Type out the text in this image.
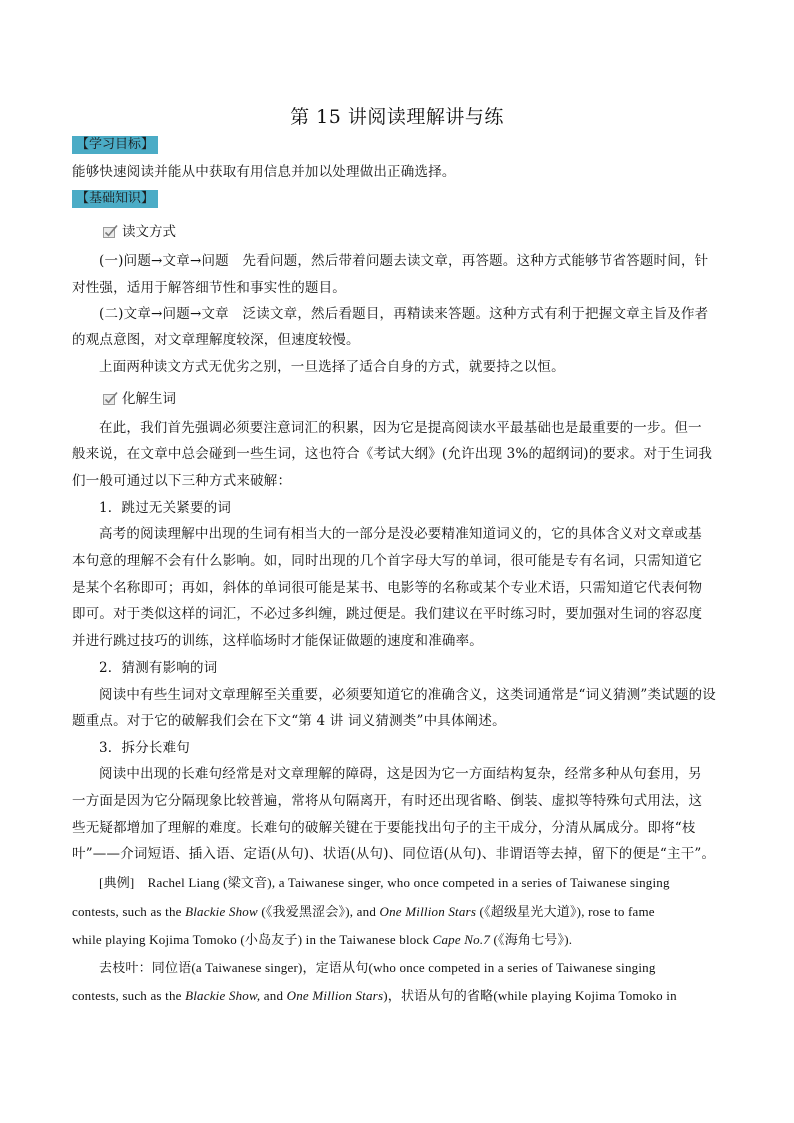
第 15 讲阅读理解讲与练
【学习目标】
能够快速阅读并能从中获取有用信息并加以处理做出正确选择。
【基础知识】
读文方式
(一)问题→文章→问题　先看问题，然后带着问题去读文章，再答题。这种方式能够节省答题时间，针
对性强，适用于解答细节性和事实性的题目。
(二)文章→问题→文章　泛读文章，然后看题目，再精读来答题。这种方式有利于把握文章主旨及作者
的观点意图，对文章理解度较深，但速度较慢。
上面两种读文方式无优劣之别，一旦选择了适合自身的方式，就要持之以恒。
化解生词
在此，我们首先强调必须要注意词汇的积累，因为它是提高阅读水平最基础也是最重要的一步。但一
般来说，在文章中总会碰到一些生词，这也符合《考试大纲》(允许出现 3%的超纲词)的要求。对于生词我
们一般可通过以下三种方式来破解：
1．跳过无关紧要的词
高考的阅读理解中出现的生词有相当大的一部分是没必要精准知道词义的，它的具体含义对文章或基
本句意的理解不会有什么影响。如，同时出现的几个首字母大写的单词，很可能是专有名词，只需知道它
是某个名称即可；再如，斜体的单词很可能是某书、电影等的名称或某个专业术语，只需知道它代表何物
即可。对于类似这样的词汇，不必过多纠缠，跳过便是。我们建议在平时练习时，要加强对生词的容忍度
并进行跳过技巧的训练，这样临场时才能保证做题的速度和准确率。
2．猜测有影响的词
阅读中有些生词对文章理解至关重要，必须要知道它的准确含义，这类词通常是“词义猜测”类试题的设
题重点。对于它的破解我们会在下文“第 4 讲 词义猜测类”中具体阐述。
3．拆分长难句
阅读中出现的长难句经常是对文章理解的障碍，这是因为它一方面结构复杂，经常多种从句套用，另
一方面是因为它分隔现象比较普遍，常将从句隔离开，有时还出现省略、倒装、虚拟等特殊句式用法，这
些无疑都增加了理解的难度。长难句的破解关键在于要能找出句子的主干成分，分清从属成分。即将“枝
叶”——介词短语、插入语、定语(从句)、状语(从句)、同位语(从句)、非谓语等去掉，留下的便是“主干”。
[典例]　Rachel Liang (梁文音), a Taiwanese singer, who once competed in a series of Taiwanese singing
contests, such as the Blackie Show (《我爱黑涩会》), and One Million Stars (《超级星光大道》), rose to fame
while playing Kojima Tomoko (小岛友子) in the Taiwanese block Cape No.7 (《海角七号》).
去枝叶：同位语(a Taiwanese singer)，定语从句(who once competed in a series of Taiwanese singing
contests, such as the Blackie Show, and One Million Stars)，状语从句的省略(while playing Kojima Tomoko in
